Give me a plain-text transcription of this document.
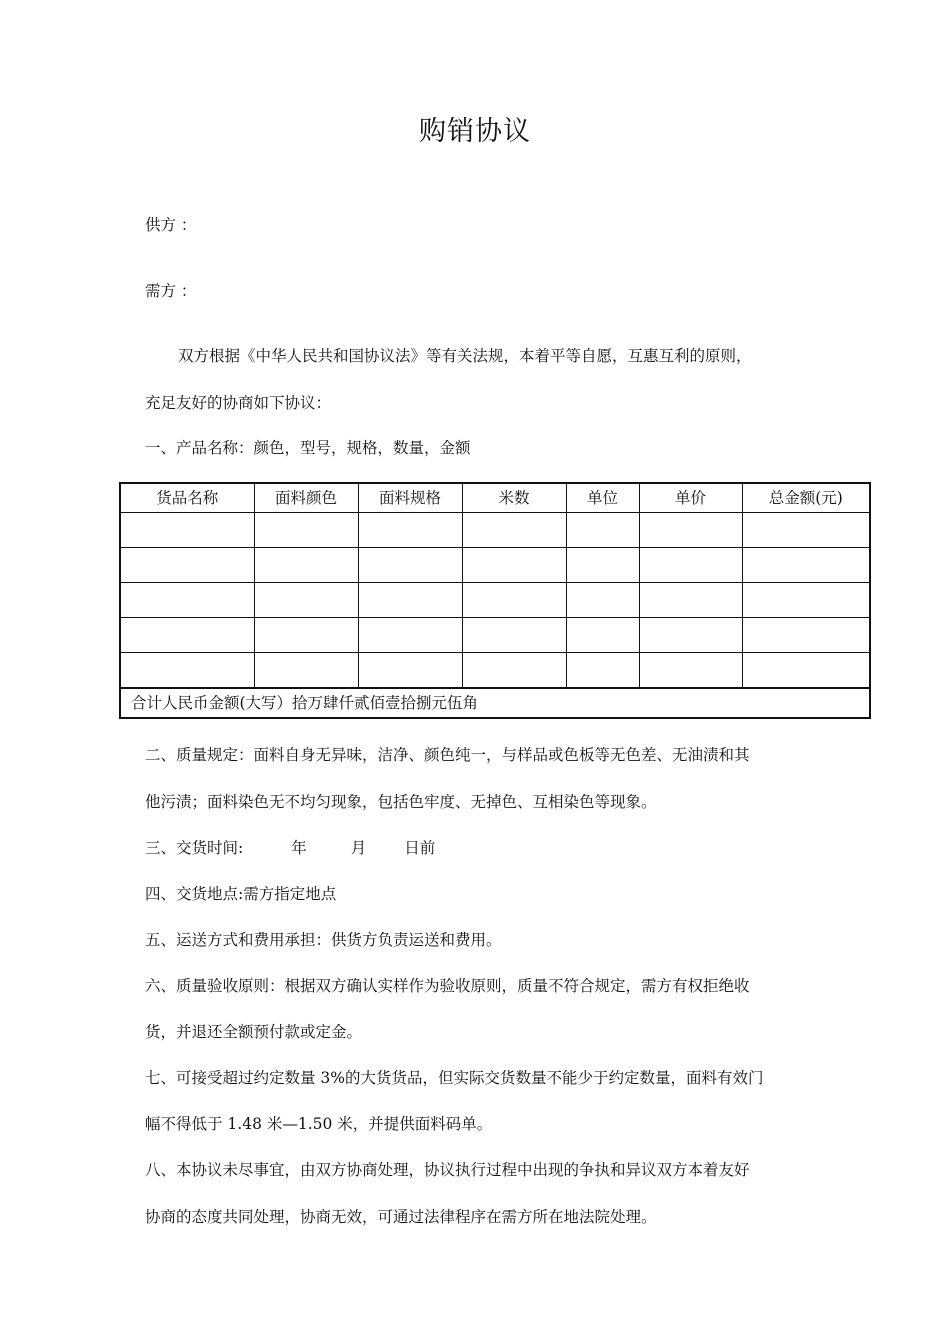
购销协议
供方 ：
需方 ：
双方根据《中华人民共和国协议法》等有关法规，本着平等自愿，互惠互利的原则，
充足友好的协商如下协议：
一、产品名称：颜色，型号，规格，数量，金额
货品名称	面料颜色	面料规格	米数	单位	单价	总金额(元)

合计人民币金额(大写）拾万肆仟贰佰壹拾捌元伍角						
二、质量规定：面料自身无异味，洁净、颜色纯一，与样品或色板等无色差、无油渍和其
他污渍；面料染色无不均匀现象，包括色牢度、无掉色、互相染色等现象。
三、交货时间:	年	月 日前
四、交货地点:需方指定地点
五、运送方式和费用承担：供货方负责运送和费用。
六、质量验收原则：根据双方确认实样作为验收原则，质量不符合规定，需方有权拒绝收
货，并退还全额预付款或定金。
七、可接受超过约定数量 3%的大货货品，但实际交货数量不能少于约定数量，面料有效门
幅不得低于 1.48 米—1.50 米，并提供面料码单。
八、本协议未尽事宜，由双方协商处理，协议执行过程中出现的争执和异议双方本着友好
协商的态度共同处理，协商无效，可通过法律程序在需方所在地法院处理。
